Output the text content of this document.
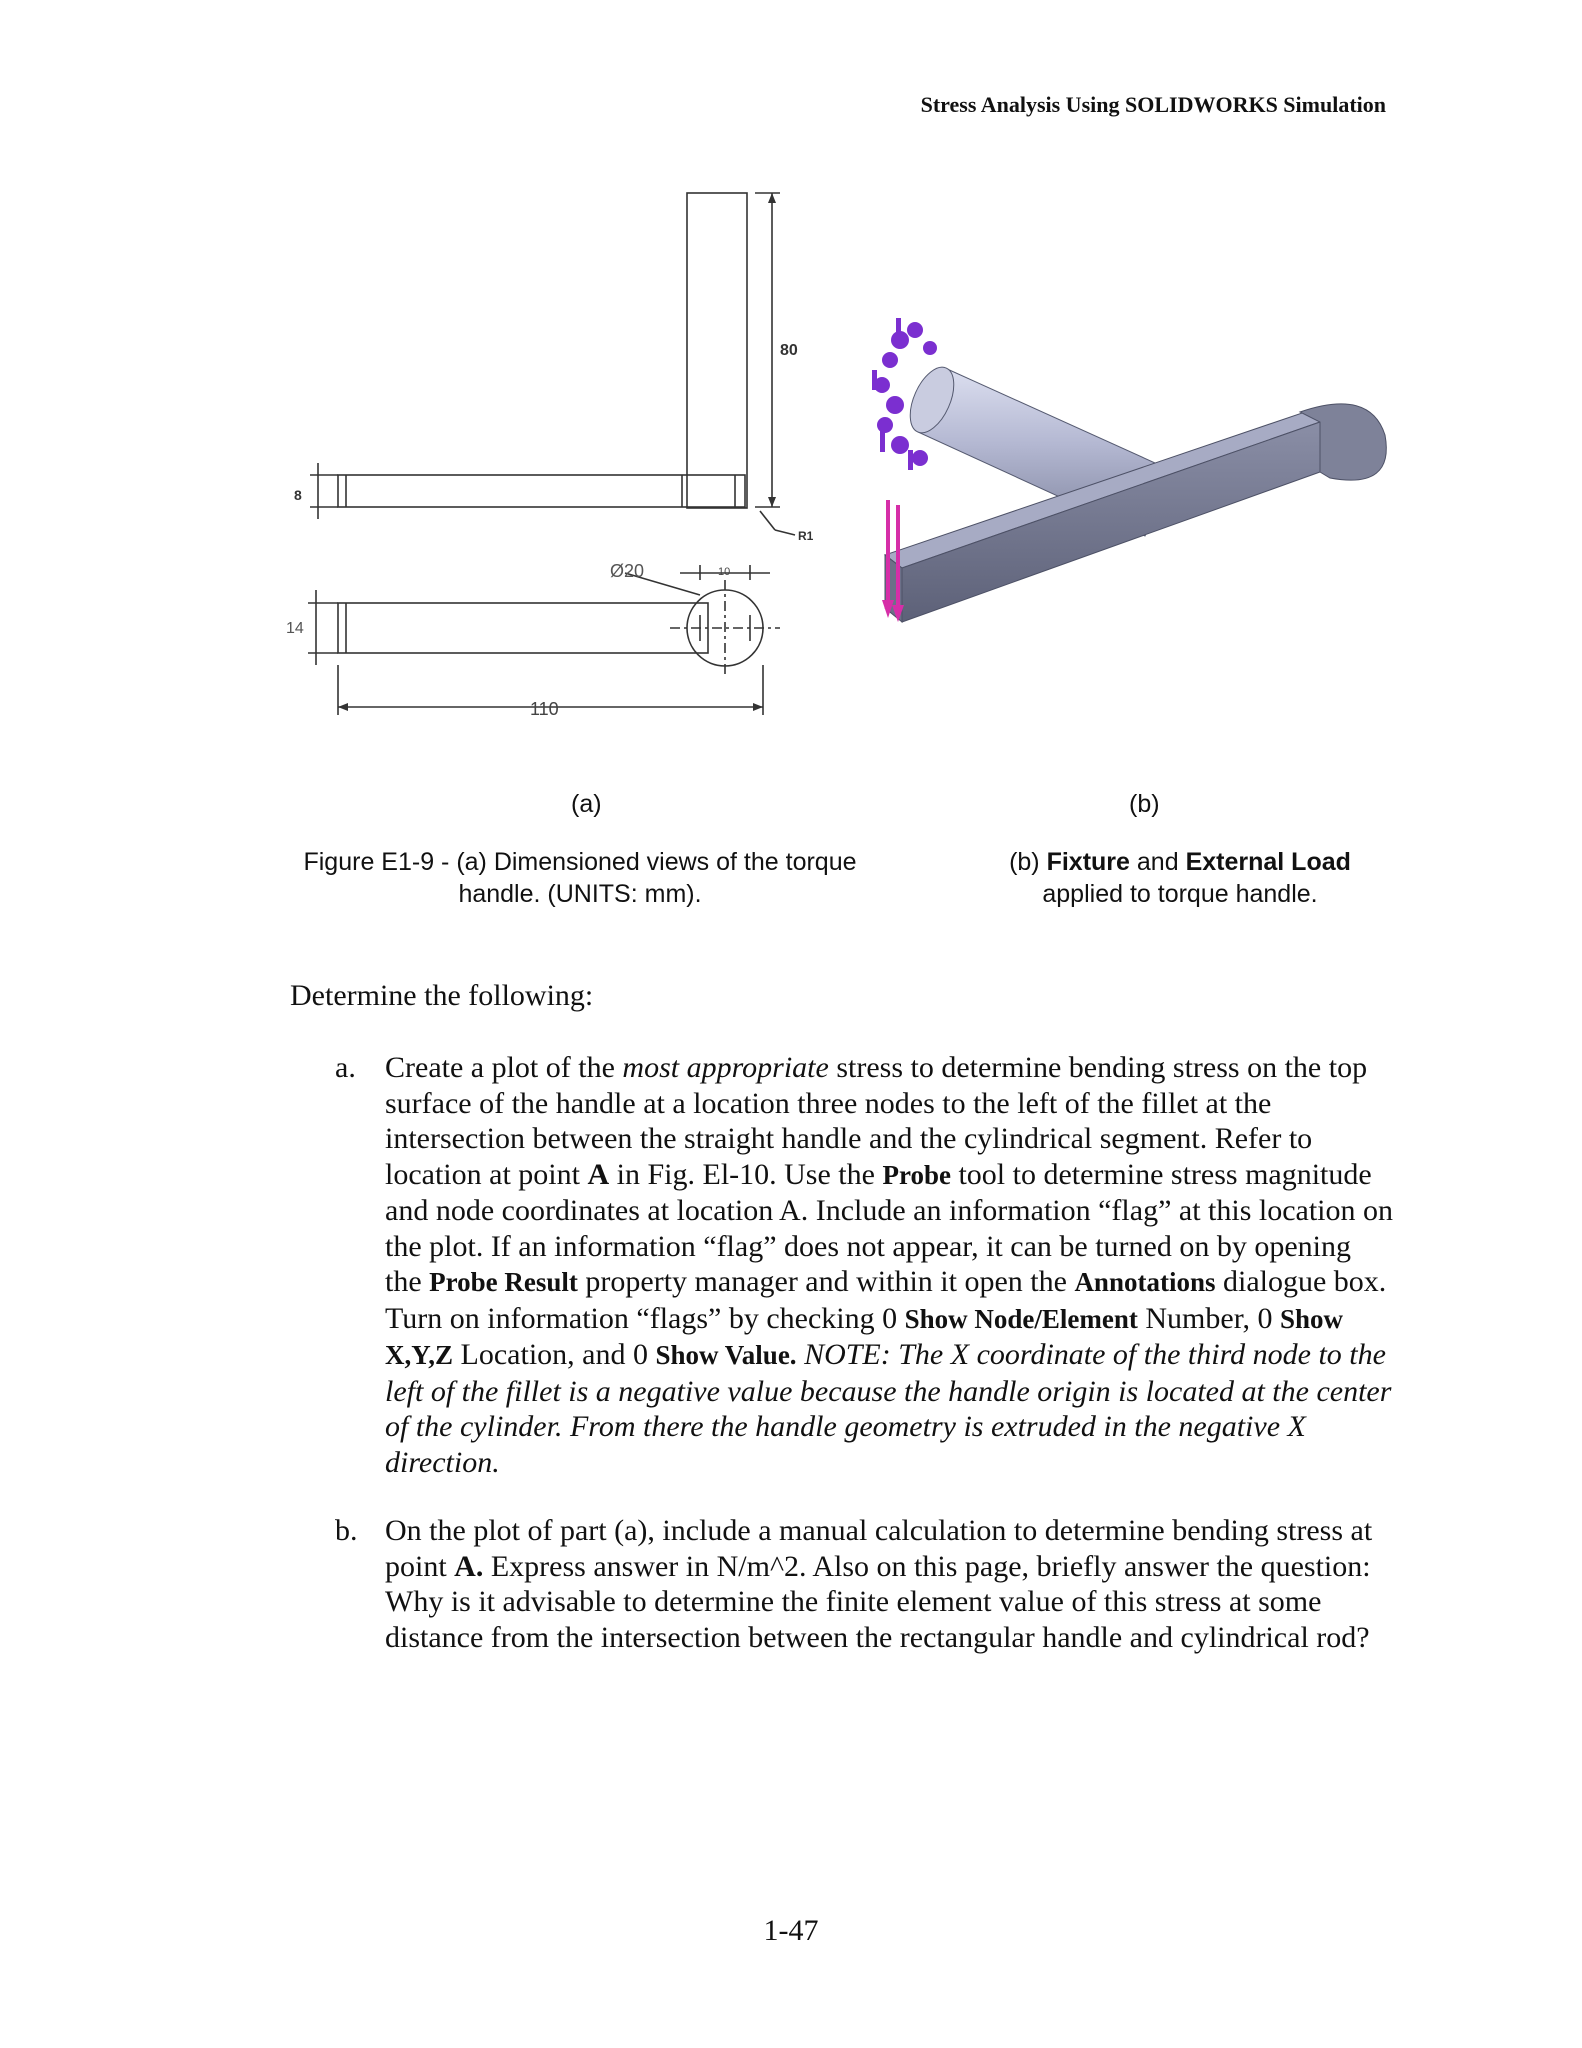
Stress Analysis Using SOLIDWORKS Simulation
80
8
R1
Ø20	10
14
110
(a)	(b)
Figure E1-9 - (a) Dimensioned views of the torque
handle. (UNITS: mm).
(b) Fixture and External Load
applied to torque handle.
Determine the following:
a. Create a plot of the most appropriate stress to determine bending stress on the top surface of the handle at a location three nodes to the left of the fillet at the intersection between the straight handle and the cylindrical segment. Refer to location at point A in Fig. El-10. Use the Probe tool to determine stress magnitude and node coordinates at location A. Include an information “flag” at this location on the plot. If an information “flag” does not appear, it can be turned on by opening the Probe Result property manager and within it open the Annotations dialogue box. Turn on information “flags” by checking 0 Show Node/Element Number, 0 Show X,Y,Z Location, and 0 Show Value. NOTE: The X coordinate of the third node to the left of the fillet is a negative value because the handle origin is located at the center of the cylinder. From there the handle geometry is extruded in the negative X direction.
b. On the plot of part (a), include a manual calculation to determine bending stress at point A. Express answer in N/m^2. Also on this page, briefly answer the question: Why is it advisable to determine the finite element value of this stress at some distance from the intersection between the rectangular handle and cylindrical rod?
1-47
